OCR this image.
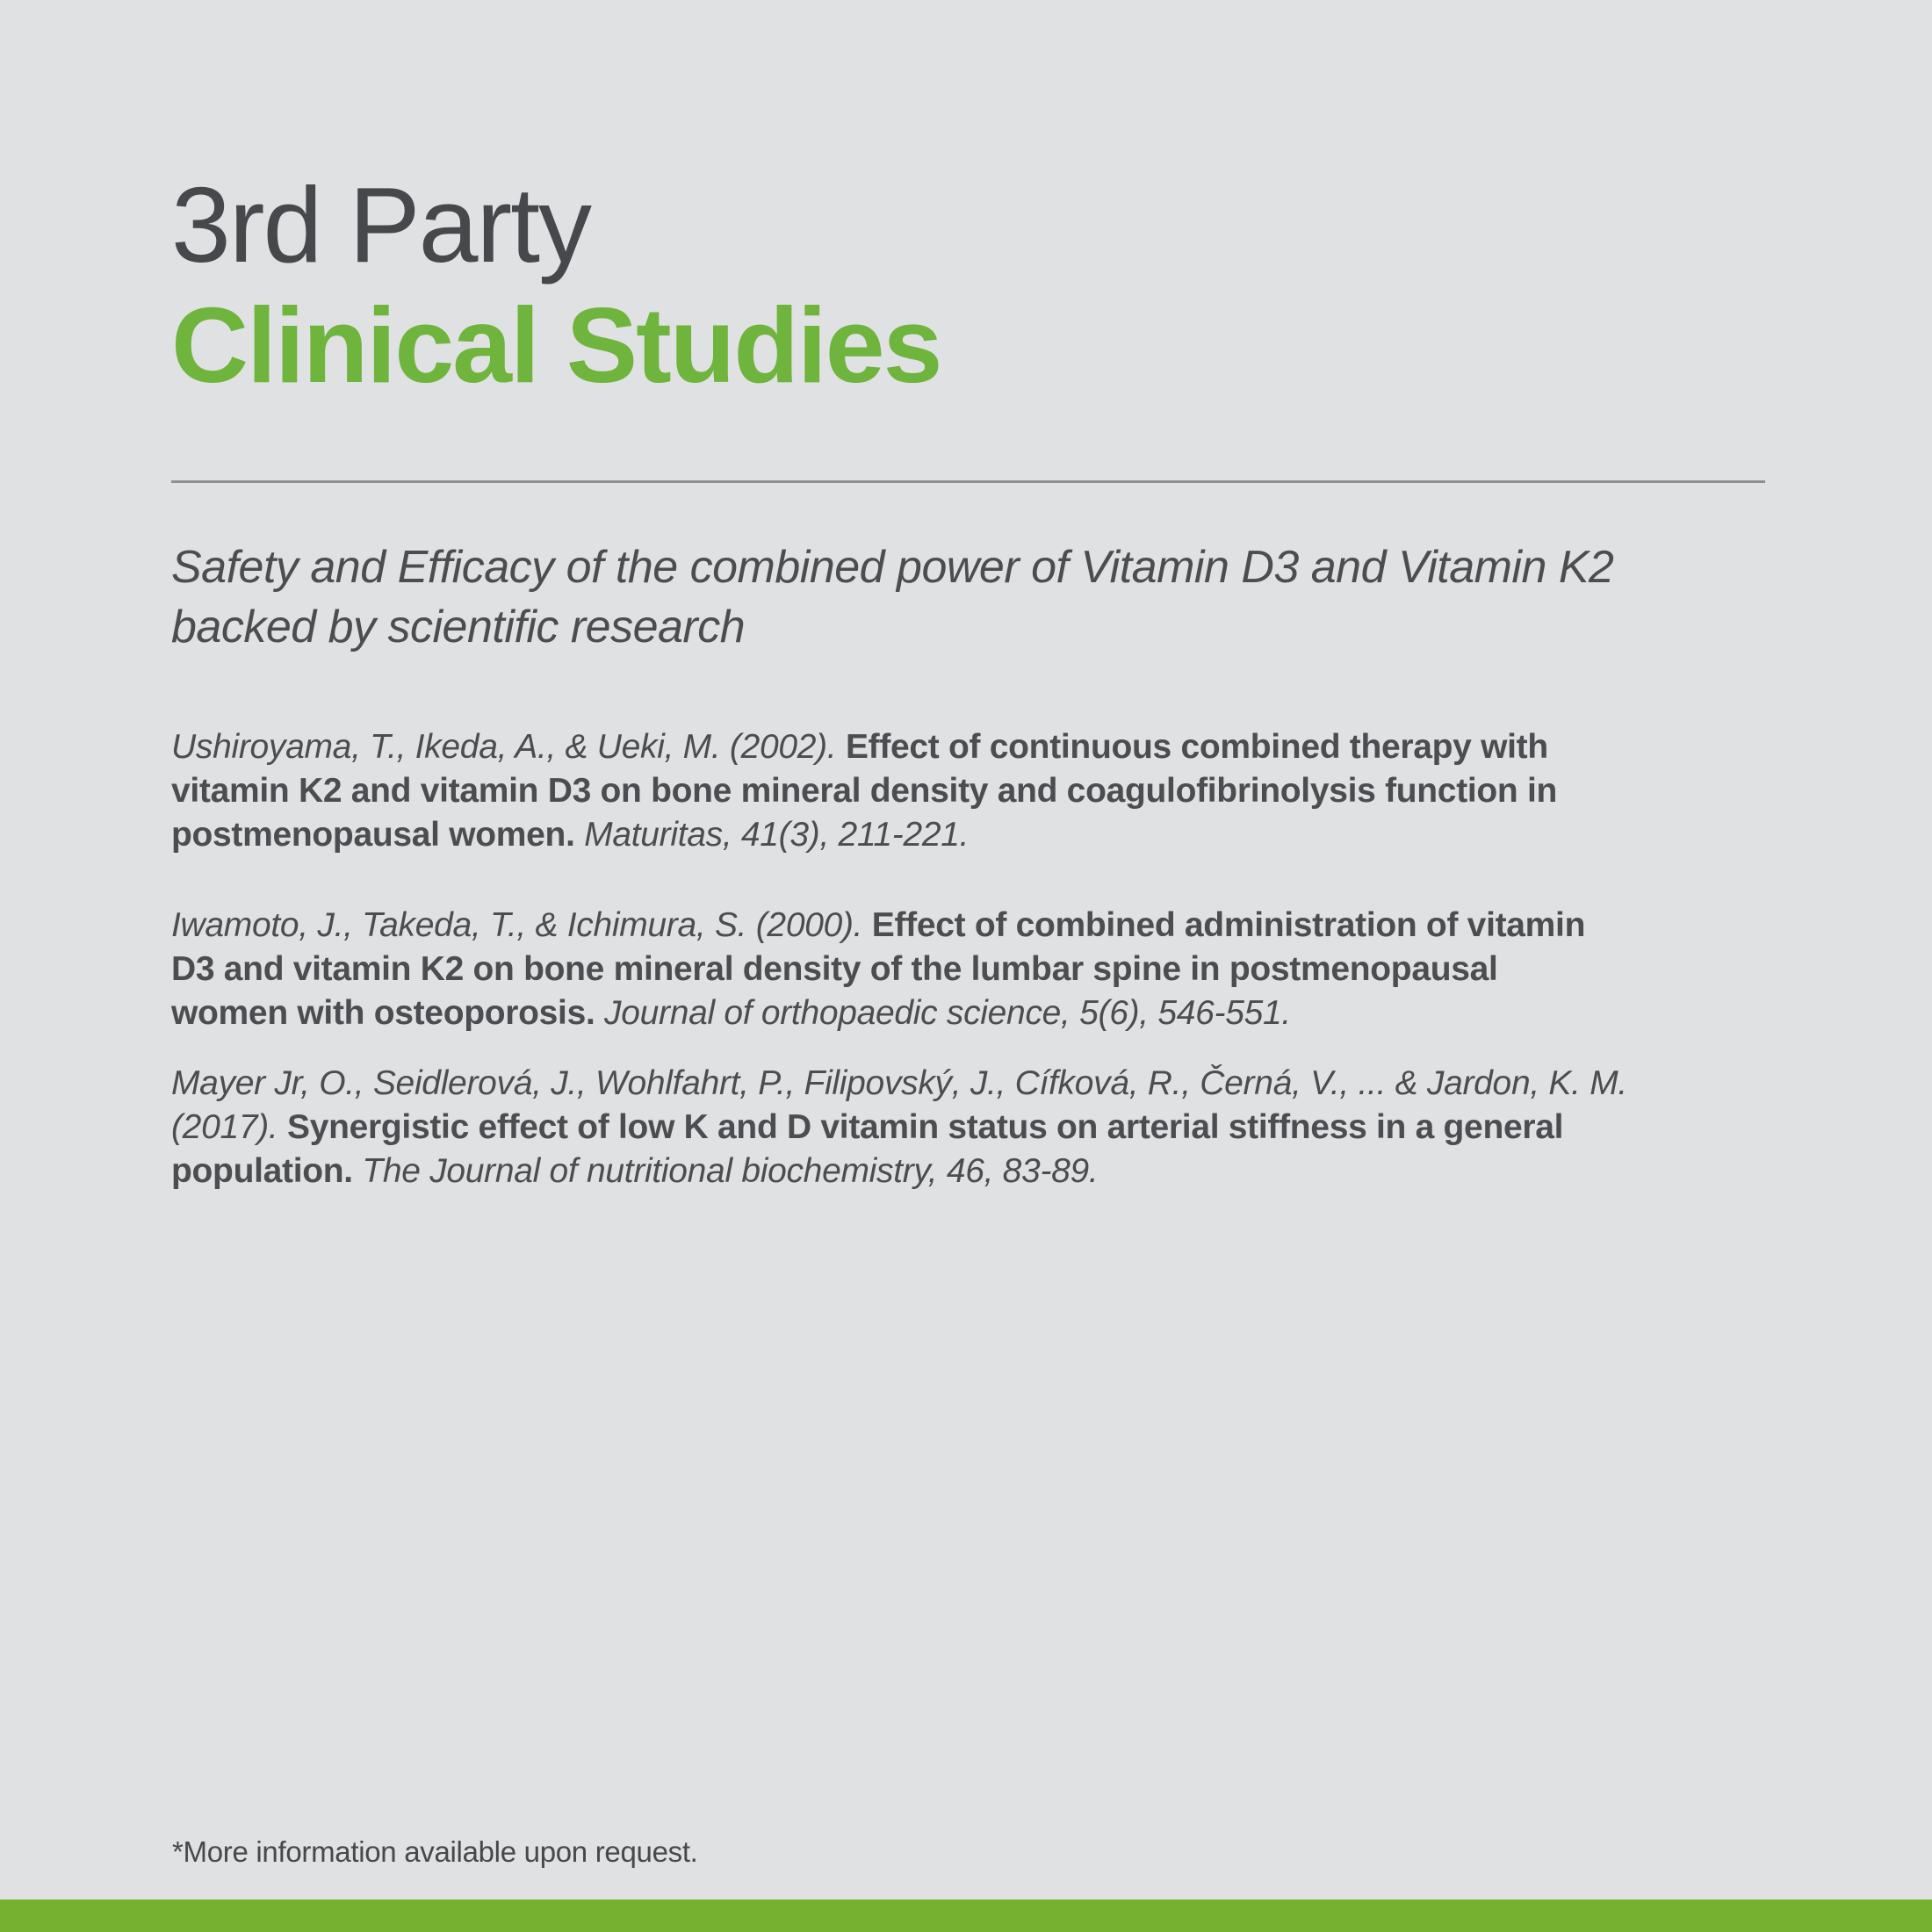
3rd Party
Clinical Studies
Safety and Efficacy of the combined power of Vitamin D3 and Vitamin K2
backed by scientific research

Ushiroyama, T., Ikeda, A., & Ueki, M. (2002). Effect of continuous combined therapy with
vitamin K2 and vitamin D3 on bone mineral density and coagulofibrinolysis function in
postmenopausal women. Maturitas, 41(3), 211-221.

Iwamoto, J., Takeda, T., & Ichimura, S. (2000). Effect of combined administration of vitamin
D3 and vitamin K2 on bone mineral density of the lumbar spine in postmenopausal
women with osteoporosis. Journal of orthopaedic science, 5(6), 546-551.

Mayer Jr, O., Seidlerová, J., Wohlfahrt, P., Filipovský, J., Cífková, R., Černá, V., ... & Jardon, K. M.
(2017). Synergistic effect of low K and D vitamin status on arterial stiffness in a general
population. The Journal of nutritional biochemistry, 46, 83-89.

*More information available upon request.
